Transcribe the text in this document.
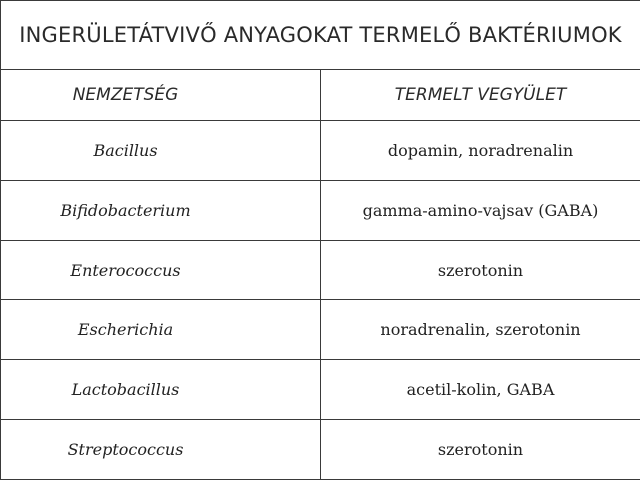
INGERÜLETÁTVIVŐ ANYAGOKAT TERMELŐ BAKTÉRIUMOK	
NEMZETSÉG	TERMELT VEGYÜLET
Bacillus	dopamin, noradrenalin
Bifidobacterium	gamma-amino-vajsav (GABA)
Enterococcus	szerotonin
Escherichia	noradrenalin, szerotonin
Lactobacillus	acetil-kolin, GABA
Streptococcus	szerotonin
